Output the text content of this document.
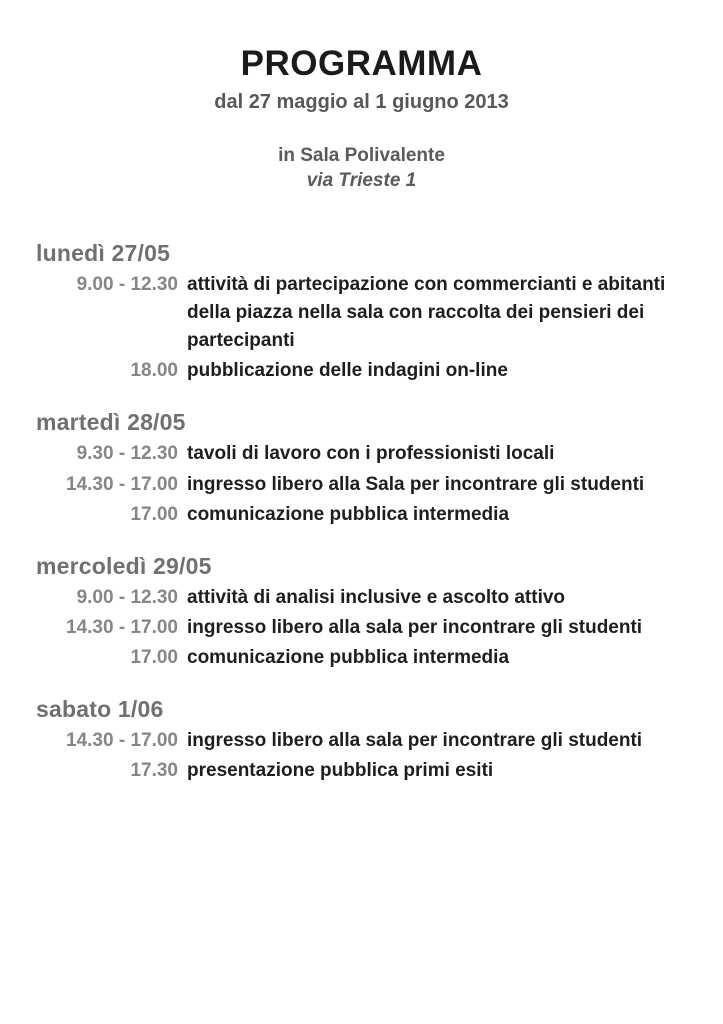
PROGRAMMA
dal 27 maggio al 1 giugno 2013
in Sala Polivalente
via Trieste 1
lunedì 27/05
9.00 - 12.30 attività di partecipazione con commercianti e abitanti della piazza nella sala con raccolta dei pensieri dei partecipanti
18.00 pubblicazione delle indagini on-line
martedì 28/05
9.30 - 12.30 tavoli di lavoro con i professionisti locali
14.30 - 17.00 ingresso libero alla Sala per incontrare gli studenti
17.00 comunicazione pubblica intermedia
mercoledì 29/05
9.00 - 12.30 attività di analisi inclusive e ascolto attivo
14.30 - 17.00 ingresso libero alla sala per incontrare gli studenti
17.00 comunicazione pubblica intermedia
sabato 1/06
14.30 - 17.00 ingresso libero alla sala per incontrare gli studenti
17.30 presentazione pubblica primi esiti
